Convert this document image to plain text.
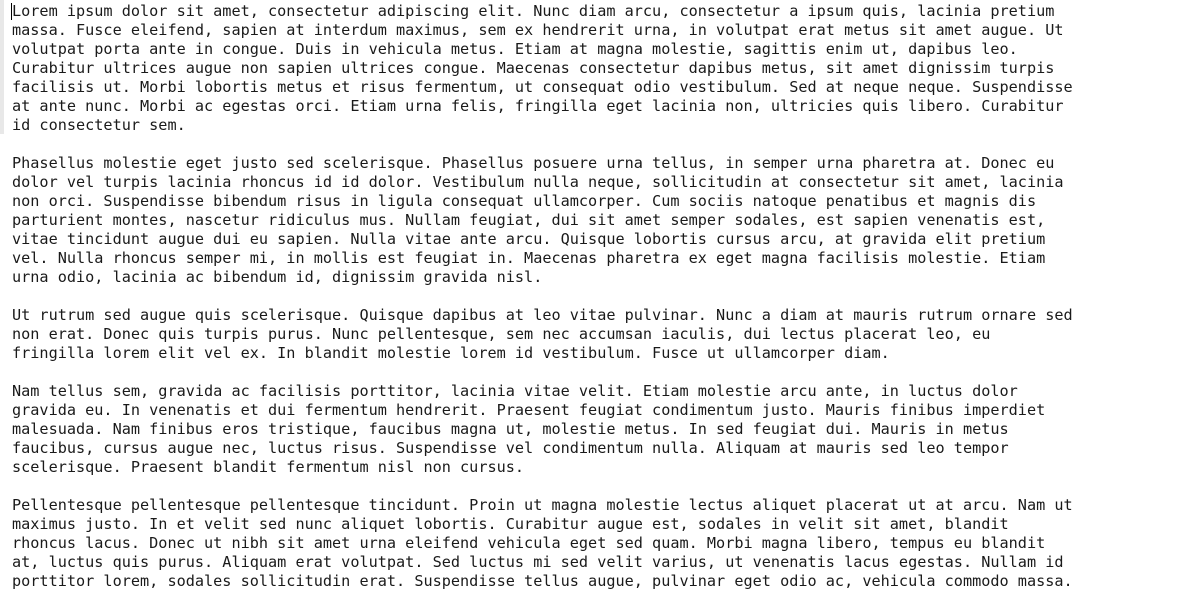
Lorem ipsum dolor sit amet, consectetur adipiscing elit. Nunc diam arcu, consectetur a ipsum quis, lacinia pretium
massa. Fusce eleifend, sapien at interdum maximus, sem ex hendrerit urna, in volutpat erat metus sit amet augue. Ut
volutpat porta ante in congue. Duis in vehicula metus. Etiam at magna molestie, sagittis enim ut, dapibus leo.
Curabitur ultrices augue non sapien ultrices congue. Maecenas consectetur dapibus metus, sit amet dignissim turpis
facilisis ut. Morbi lobortis metus et risus fermentum, ut consequat odio vestibulum. Sed at neque neque. Suspendisse
at ante nunc. Morbi ac egestas orci. Etiam urna felis, fringilla eget lacinia non, ultricies quis libero. Curabitur
id consectetur sem.
Phasellus molestie eget justo sed scelerisque. Phasellus posuere urna tellus, in semper urna pharetra at. Donec eu
dolor vel turpis lacinia rhoncus id id dolor. Vestibulum nulla neque, sollicitudin at consectetur sit amet, lacinia
non orci. Suspendisse bibendum risus in ligula consequat ullamcorper. Cum sociis natoque penatibus et magnis dis
parturient montes, nascetur ridiculus mus. Nullam feugiat, dui sit amet semper sodales, est sapien venenatis est,
vitae tincidunt augue dui eu sapien. Nulla vitae ante arcu. Quisque lobortis cursus arcu, at gravida elit pretium
vel. Nulla rhoncus semper mi, in mollis est feugiat in. Maecenas pharetra ex eget magna facilisis molestie. Etiam
urna odio, lacinia ac bibendum id, dignissim gravida nisl.
Ut rutrum sed augue quis scelerisque. Quisque dapibus at leo vitae pulvinar. Nunc a diam at mauris rutrum ornare sed
non erat. Donec quis turpis purus. Nunc pellentesque, sem nec accumsan iaculis, dui lectus placerat leo, eu
fringilla lorem elit vel ex. In blandit molestie lorem id vestibulum. Fusce ut ullamcorper diam.
Nam tellus sem, gravida ac facilisis porttitor, lacinia vitae velit. Etiam molestie arcu ante, in luctus dolor
gravida eu. In venenatis et dui fermentum hendrerit. Praesent feugiat condimentum justo. Mauris finibus imperdiet
malesuada. Nam finibus eros tristique, faucibus magna ut, molestie metus. In sed feugiat dui. Mauris in metus
faucibus, cursus augue nec, luctus risus. Suspendisse vel condimentum nulla. Aliquam at mauris sed leo tempor
scelerisque. Praesent blandit fermentum nisl non cursus.
Pellentesque pellentesque pellentesque tincidunt. Proin ut magna molestie lectus aliquet placerat ut at arcu. Nam ut
maximus justo. In et velit sed nunc aliquet lobortis. Curabitur augue est, sodales in velit sit amet, blandit
rhoncus lacus. Donec ut nibh sit amet urna eleifend vehicula eget sed quam. Morbi magna libero, tempus eu blandit
at, luctus quis purus. Aliquam erat volutpat. Sed luctus mi sed velit varius, ut venenatis lacus egestas. Nullam id
porttitor lorem, sodales sollicitudin erat. Suspendisse tellus augue, pulvinar eget odio ac, vehicula commodo massa.
